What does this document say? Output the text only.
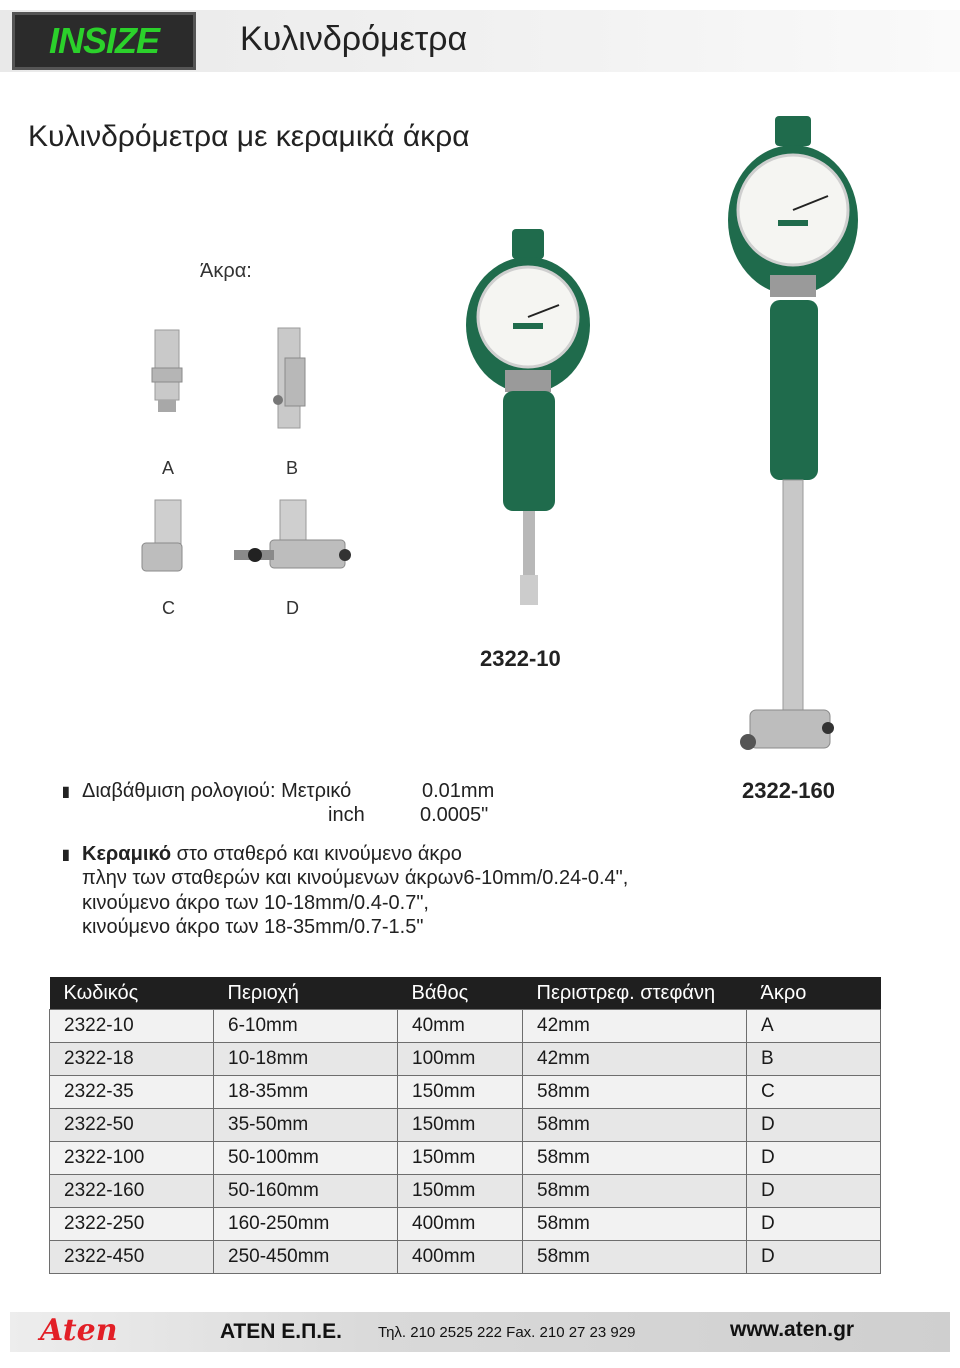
INSIZE	Κυλινδρόμετρα
Κυλινδρόμετρα με κεραμικά άκρα
Άκρα:
A	B
C	D
2322-10
2322-160
▮ Διαβάθμιση ρολογιού: Μετρικό	0.01mm
inch	0.0005"
▮ Κεραμικό στο σταθερό και κινούμενο άκρο
πλην των σταθερών και κινούμενων άκρων6-10mm/0.24-0.4",
κινούμενο άκρο των 10-18mm/0.4-0.7",
κινούμενο άκρο των 18-35mm/0.7-1.5"
Κωδικός	Περιοχή	Βάθος	Περιστρεφ. στεφάνη	Άκρο
2322-10	6-10mm	40mm	42mm	A
2322-18	10-18mm	100mm	42mm	B
2322-35	18-35mm	150mm	58mm	C
2322-50	35-50mm	150mm	58mm	D
2322-100	50-100mm	150mm	58mm	D
2322-160	50-160mm	150mm	58mm	D
2322-250	160-250mm	400mm	58mm	D
2322-450	250-450mm	400mm	58mm	D
Aten	ΑΤΕΝ Ε.Π.Ε. Τηλ. 210 2525 222 Fax. 210 27 23 929	www.aten.gr
